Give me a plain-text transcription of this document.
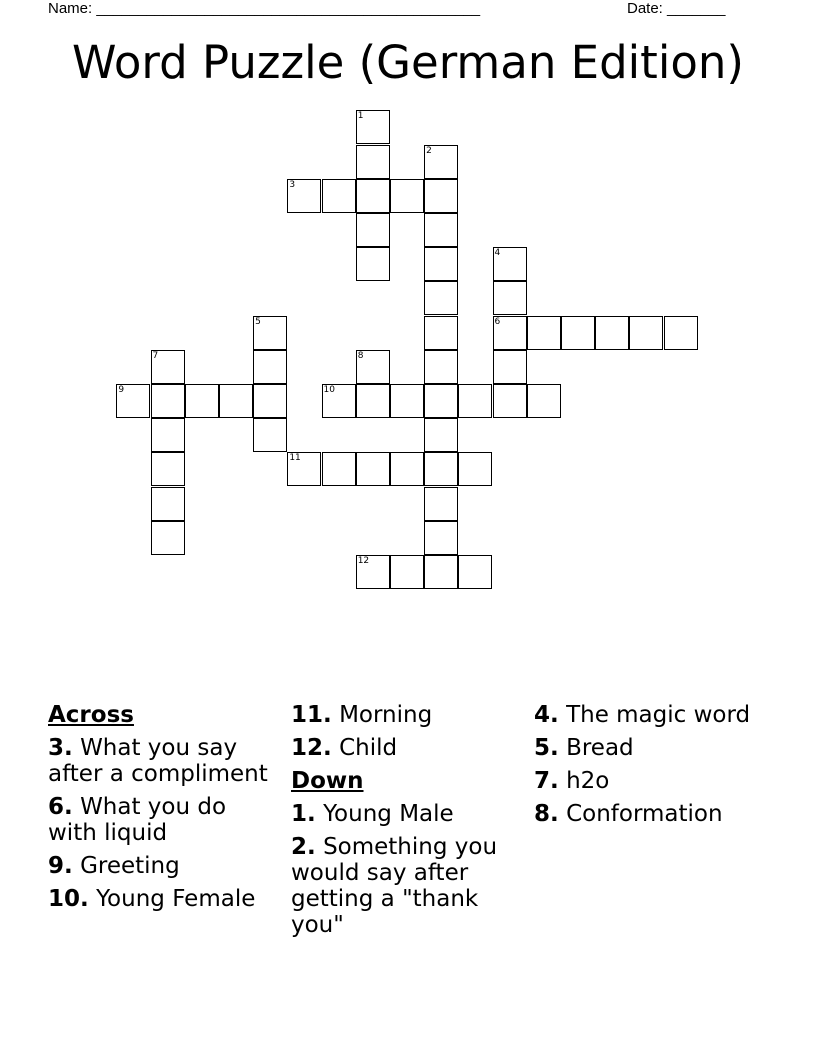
Name: ______________________________________________	Date: _______
Word Puzzle (German Edition)
1
2
3
4
6
5
7	8
9	10
11
12
Across
3. What you say after a compliment
6. What you do with liquid
9. Greeting
10. Young Female
11. Morning
12. Child
Down
1. Young Male
2. Something you would say after getting a "thank you"
4. The magic word
5. Bread
7. h2o
8. Conformation
